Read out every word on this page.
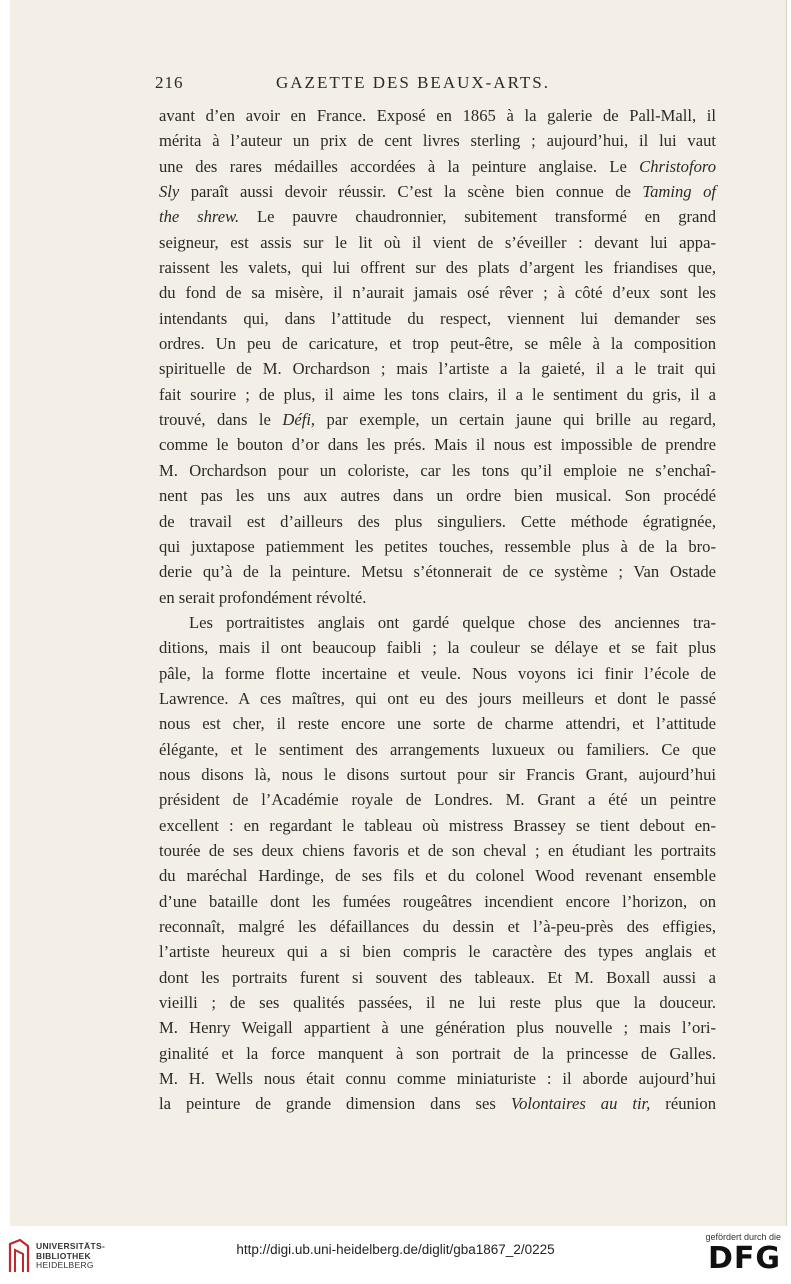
216	GAZETTE DES BEAUX-ARTS.
avant d’en avoir en France. Exposé en 1865 à la galerie de Pall-Mall, il
mérita à l’auteur un prix de cent livres sterling ; aujourd’hui, il lui vaut
une des rares médailles accordées à la peinture anglaise. Le Christoforo
Sly paraît aussi devoir réussir. C’est la scène bien connue de Taming of
the shrew. Le pauvre chaudronnier, subitement transformé en grand
seigneur, est assis sur le lit où il vient de s’éveiller : devant lui appa-
raissent les valets, qui lui offrent sur des plats d’argent les friandises que,
du fond de sa misère, il n’aurait jamais osé rêver ; à côté d’eux sont les
intendants qui, dans l’attitude du respect, viennent lui demander ses
ordres. Un peu de caricature, et trop peut-être, se mêle à la composition
spirituelle de M. Orchardson ; mais l’artiste a la gaieté, il a le trait qui
fait sourire ; de plus, il aime les tons clairs, il a le sentiment du gris, il a
trouvé, dans le Défi, par exemple, un certain jaune qui brille au regard,
comme le bouton d’or dans les prés. Mais il nous est impossible de prendre
M. Orchardson pour un coloriste, car les tons qu’il emploie ne s’enchaî-
nent pas les uns aux autres dans un ordre bien musical. Son procédé
de travail est d’ailleurs des plus singuliers. Cette méthode égratignée,
qui juxtapose patiemment les petites touches, ressemble plus à de la bro-
derie qu’à de la peinture. Metsu s’étonnerait de ce système ; Van Ostade
en serait profondément révolté.
Les portraitistes anglais ont gardé quelque chose des anciennes tra-
ditions, mais il ont beaucoup faibli ; la couleur se délaye et se fait plus
pâle, la forme flotte incertaine et veule. Nous voyons ici finir l’école de
Lawrence. A ces maîtres, qui ont eu des jours meilleurs et dont le passé
nous est cher, il reste encore une sorte de charme attendri, et l’attitude
élégante, et le sentiment des arrangements luxueux ou familiers. Ce que
nous disons là, nous le disons surtout pour sir Francis Grant, aujourd’hui
président de l’Académie royale de Londres. M. Grant a été un peintre
excellent : en regardant le tableau où mistress Brassey se tient debout en-
tourée de ses deux chiens favoris et de son cheval ; en étudiant les portraits
du maréchal Hardinge, de ses fils et du colonel Wood revenant ensemble
d’une bataille dont les fumées rougeâtres incendient encore l’horizon, on
reconnaît, malgré les défaillances du dessin et l’à-peu-près des effigies,
l’artiste heureux qui a si bien compris le caractère des types anglais et
dont les portraits furent si souvent des tableaux. Et M. Boxall aussi a
vieilli ; de ses qualités passées, il ne lui reste plus que la douceur.
M. Henry Weigall appartient à une génération plus nouvelle ; mais l’ori-
ginalité et la force manquent à son portrait de la princesse de Galles.
M. H. Wells nous était connu comme miniaturiste : il aborde aujourd’hui
la peinture de grande dimension dans ses Volontaires au tir, réunion
UNIVERSITÄTS-
BIBLIOTHEK
HEIDELBERG
http://digi.ub.uni-heidelberg.de/diglit/gba1867_2/0225
gefördert durch die
DFG
